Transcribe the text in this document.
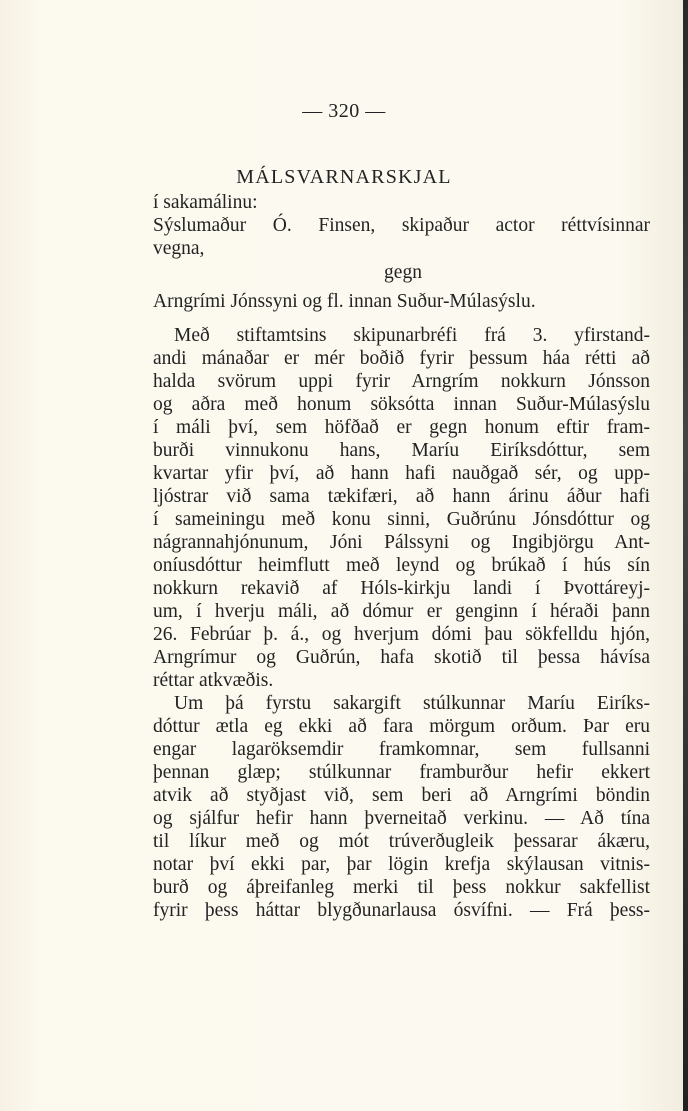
— 320 —
MÁLSVARNARSKJAL
í sakamálinu:
Sýslumaður Ó. Finsen, skipaður actor réttvísinnar
vegna,
gegn
Arngrími Jónssyni og fl. innan Suður-Múlasýslu.
Með stiftamtsins skipunarbréfi frá 3. yfirstand-
andi mánaðar er mér boðið fyrir þessum háa rétti að
halda svörum uppi fyrir Arngrím nokkurn Jónsson
og aðra með honum söksótta innan Suður-Múlasýslu
í máli því, sem höfðað er gegn honum eftir fram-
burði vinnukonu hans, Maríu Eiríksdóttur, sem
kvartar yfir því, að hann hafi nauðgað sér, og upp-
ljóstrar við sama tækifæri, að hann árinu áður hafi
í sameiningu með konu sinni, Guðrúnu Jónsdóttur og
nágrannahjónunum, Jóni Pálssyni og Ingibjörgu Ant-
oníusdóttur heimflutt með leynd og brúkað í hús sín
nokkurn rekavið af Hóls-kirkju landi í Þvottáreyj-
um, í hverju máli, að dómur er genginn í héraði þann
26. Febrúar þ. á., og hverjum dómi þau sökfelldu hjón,
Arngrímur og Guðrún, hafa skotið til þessa hávísa
réttar atkvæðis.
Um þá fyrstu sakargift stúlkunnar Maríu Eiríks-
dóttur ætla eg ekki að fara mörgum orðum. Þar eru
engar lagaröksemdir framkomnar, sem fullsanni
þennan glæp; stúlkunnar framburður hefir ekkert
atvik að styðjast við, sem beri að Arngrími böndin
og sjálfur hefir hann þverneitað verkinu. — Að tína
til líkur með og mót trúverðugleik þessarar ákæru,
notar því ekki par, þar lögin krefja skýlausan vitnis-
burð og áþreifanleg merki til þess nokkur sakfellist
fyrir þess háttar blygðunarlausa ósvífni. — Frá þess-
